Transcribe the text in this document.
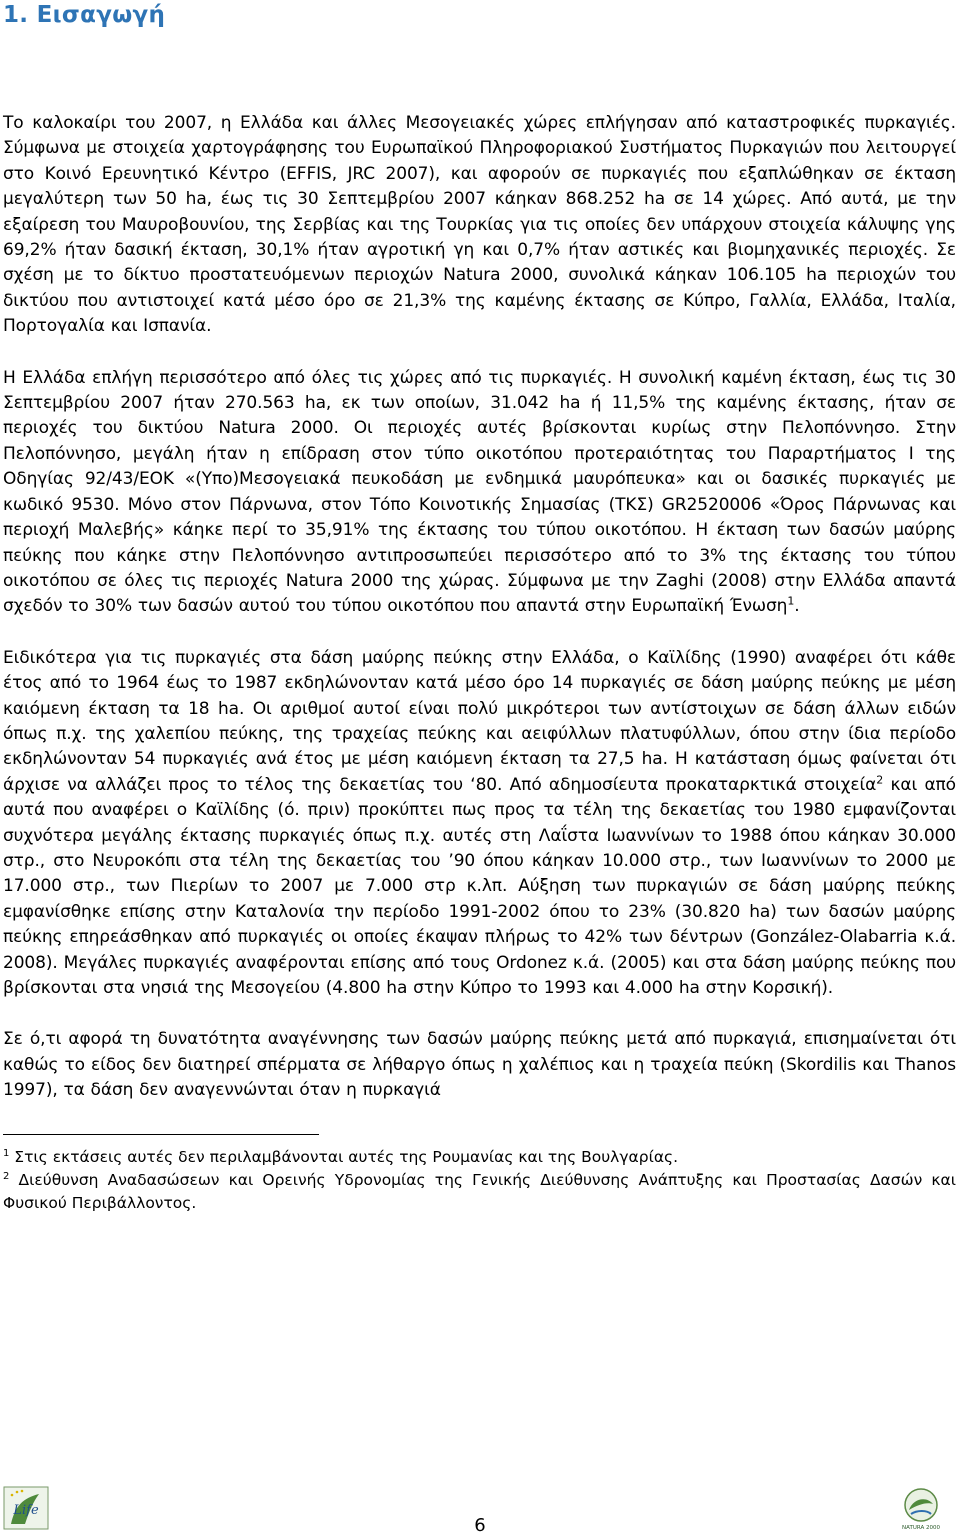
1. Εισαγωγή

Το καλοκαίρι του 2007, η Ελλάδα και άλλες Μεσογειακές χώρες επλήγησαν από καταστροφικές πυρκαγιές. Σύμφωνα με στοιχεία χαρτογράφησης του Ευρωπαϊκού Πληροφοριακού Συστήματος Πυρκαγιών που λειτουργεί στο Κοινό Ερευνητικό Κέντρο (EFFIS, JRC 2007), και αφορούν σε πυρκαγιές που εξαπλώθηκαν σε έκταση μεγαλύτερη των 50 ha, έως τις 30 Σεπτεμβρίου 2007 κάηκαν 868.252 ha σε 14 χώρες. Από αυτά, με την εξαίρεση του Μαυροβουνίου, της Σερβίας και της Τουρκίας για τις οποίες δεν υπάρχουν στοιχεία κάλυψης γης 69,2% ήταν δασική έκταση, 30,1% ήταν αγροτική γη και 0,7% ήταν αστικές και βιομηχανικές περιοχές. Σε σχέση με το δίκτυο προστατευόμενων περιοχών Natura 2000, συνολικά κάηκαν 106.105 ha περιοχών του δικτύου που αντιστοιχεί κατά μέσο όρο σε 21,3% της καμένης έκτασης σε Κύπρο, Γαλλία, Ελλάδα, Ιταλία, Πορτογαλία και Ισπανία.

Η Ελλάδα επλήγη περισσότερο από όλες τις χώρες από τις πυρκαγιές. Η συνολική καμένη έκταση, έως τις 30 Σεπτεμβρίου 2007 ήταν 270.563 ha, εκ των οποίων, 31.042 ha ή 11,5% της καμένης έκτασης, ήταν σε περιοχές του δικτύου Natura 2000. Οι περιοχές αυτές βρίσκονται κυρίως στην Πελοπόννησο. Στην Πελοπόννησο, μεγάλη ήταν η επίδραση στον τύπο οικοτόπου προτεραιότητας του Παραρτήματος Ι της Οδηγίας 92/43/ΕΟΚ «(Υπο)Μεσογειακά πευκοδάση με ενδημικά μαυρόπευκα» και οι δασικές πυρκαγιές με κωδικό 9530. Μόνο στον Πάρνωνα, στον Τόπο Κοινοτικής Σημασίας (ΤΚΣ) GR2520006 «Όρος Πάρνωνας και περιοχή Μαλεβής» κάηκε περί το 35,91% της έκτασης του τύπου οικοτόπου. Η έκταση των δασών μαύρης πεύκης που κάηκε στην Πελοπόννησο αντιπροσωπεύει περισσότερο από το 3% της έκτασης του τύπου οικοτόπου σε όλες τις περιοχές Natura 2000 της χώρας. Σύμφωνα με την Zaghi (2008) στην Ελλάδα απαντά σχεδόν το 30% των δασών αυτού του τύπου οικοτόπου που απαντά στην Ευρωπαϊκή Ένωση$^1$.

Ειδικότερα για τις πυρκαγιές στα δάση μαύρης πεύκης στην Ελλάδα, ο Καϊλίδης (1990) αναφέρει ότι κάθε έτος από το 1964 έως το 1987 εκδηλώνονταν κατά μέσο όρο 14 πυρκαγιές σε δάση μαύρης πεύκης με μέση καιόμενη έκταση τα 18 ha. Οι αριθμοί αυτοί είναι πολύ μικρότεροι των αντίστοιχων σε δάση άλλων ειδών όπως π.χ. της χαλεπίου πεύκης, της τραχείας πεύκης και αειφύλλων πλατυφύλλων, όπου στην ίδια περίοδο εκδηλώνονταν 54 πυρκαγιές ανά έτος με μέση καιόμενη έκταση τα 27,5 ha. Η κατάσταση όμως φαίνεται ότι άρχισε να αλλάζει προς το τέλος της δεκαετίας του ‘80. Από αδημοσίευτα προκαταρκτικά στοιχεία$^2$ και από αυτά που αναφέρει ο Καϊλίδης (ό. πριν) προκύπτει πως προς τα τέλη της δεκαετίας του 1980 εμφανίζονται συχνότερα μεγάλης έκτασης πυρκαγιές όπως π.χ. αυτές στη Λαΐστα Ιωαννίνων το 1988 όπου κάηκαν 30.000 στρ., στο Νευροκόπι στα τέλη της δεκαετίας του ’90 όπου κάηκαν 10.000 στρ., των Ιωαννίνων το 2000 με 17.000 στρ., των Πιερίων το 2007 με 7.000 στρ κ.λπ. Αύξηση των πυρκαγιών σε δάση μαύρης πεύκης εμφανίσθηκε επίσης στην Καταλονία την περίοδο 1991-2002 όπου το 23% (30.820 ha) των δασών μαύρης πεύκης επηρεάσθηκαν από πυρκαγιές οι οποίες έκαψαν πλήρως το 42% των δέντρων (González-Olabarria κ.ά. 2008). Μεγάλες πυρκαγιές αναφέρονται επίσης από τους Ordonez κ.ά. (2005) και στα δάση μαύρης πεύκης που βρίσκονται στα νησιά της Μεσογείου (4.800 ha στην Κύπρο το 1993 και 4.000 ha στην Κορσική).

Σε ό,τι αφορά τη δυνατότητα αναγέννησης των δασών μαύρης πεύκης μετά από πυρκαγιά, επισημαίνεται ότι καθώς το είδος δεν διατηρεί σπέρματα σε λήθαργο όπως η χαλέπιος και η τραχεία πεύκη (Skordilis και Thanos 1997), τα δάση δεν αναγεννώνται όταν η πυρκαγιά

$^1$ Στις εκτάσεις αυτές δεν περιλαμβάνονται αυτές της Ρουμανίας και της Βουλγαρίας.

$^2$ Διεύθυνση Αναδασώσεων και Ορεινής Υδρονομίας της Γενικής Διεύθυνσης Ανάπτυξης και Προστασίας Δασών και Φυσικού Περιβάλλοντος.

Life
NATURA 2000
6
